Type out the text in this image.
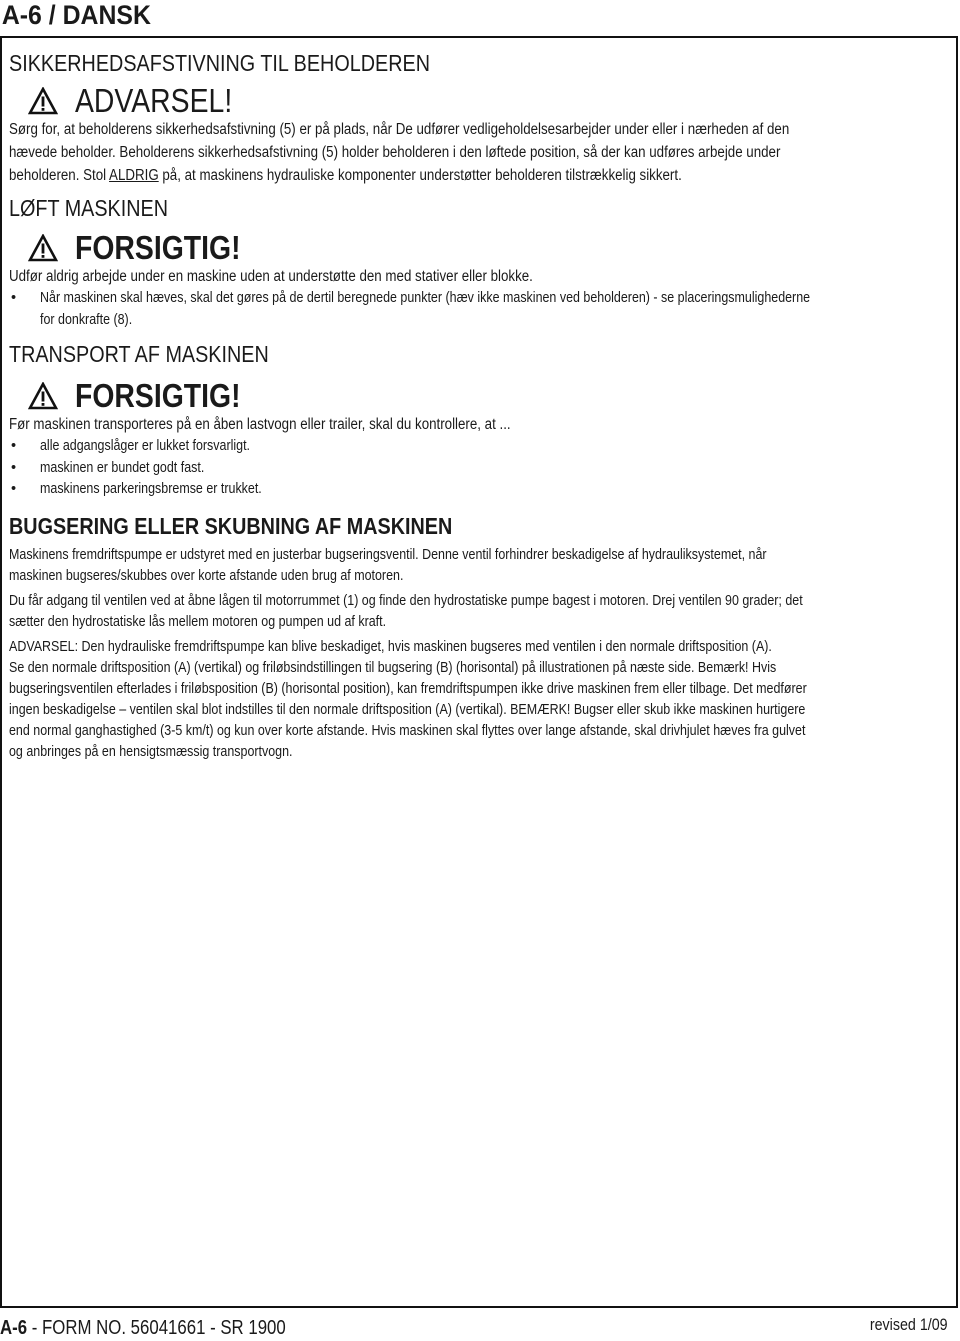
A-6 / DANSK
SIKKERHEDSAFSTIVNING TIL BEHOLDEREN
ADVARSEL!
Sørg for, at beholderens sikkerhedsafstivning (5) er på plads, når De udfører vedligeholdelsesarbejder under eller i nærheden af den
hævede beholder. Beholderens sikkerhedsafstivning (5) holder beholderen i den løftede position, så der kan udføres arbejde under
beholderen. Stol ALDRIG på, at maskinens hydrauliske komponenter understøtter beholderen tilstrækkelig sikkert.
LØFT MASKINEN
FORSIGTIG!
Udfør aldrig arbejde under en maskine uden at understøtte den med stativer eller blokke.
• Når maskinen skal hæves, skal det gøres på de dertil beregnede punkter (hæv ikke maskinen ved beholderen) - se placeringsmulighederne
for donkrafte (8).
TRANSPORT AF MASKINEN
FORSIGTIG!
Før maskinen transporteres på en åben lastvogn eller trailer, skal du kontrollere, at ...
• alle adgangslåger er lukket forsvarligt.
• maskinen er bundet godt fast.
• maskinens parkeringsbremse er trukket.
BUGSERING ELLER SKUBNING AF MASKINEN
Maskinens fremdriftspumpe er udstyret med en justerbar bugseringsventil. Denne ventil forhindrer beskadigelse af hydrauliksystemet, når
maskinen bugseres/skubbes over korte afstande uden brug af motoren.
Du får adgang til ventilen ved at åbne lågen til motorrummet (1) og finde den hydrostatiske pumpe bagest i motoren. Drej ventilen 90 grader; det
sætter den hydrostatiske lås mellem motoren og pumpen ud af kraft.
ADVARSEL: Den hydrauliske fremdriftspumpe kan blive beskadiget, hvis maskinen bugseres med ventilen i den normale driftsposition (A).
Se den normale driftsposition (A) (vertikal) og friløbsindstillingen til bugsering (B) (horisontal) på illustrationen på næste side. Bemærk! Hvis
bugseringsventilen efterlades i friløbsposition (B) (horisontal position), kan fremdriftspumpen ikke drive maskinen frem eller tilbage. Det medfører
ingen beskadigelse – ventilen skal blot indstilles til den normale driftsposition (A) (vertikal). BEMÆRK! Bugser eller skub ikke maskinen hurtigere
end normal ganghastighed (3-5 km/t) og kun over korte afstande. Hvis maskinen skal flyttes over lange afstande, skal drivhjulet hæves fra gulvet
og anbringes på en hensigtsmæssig transportvogn.
A-6 - FORM NO. 56041661 - SR 1900	revised 1/09
